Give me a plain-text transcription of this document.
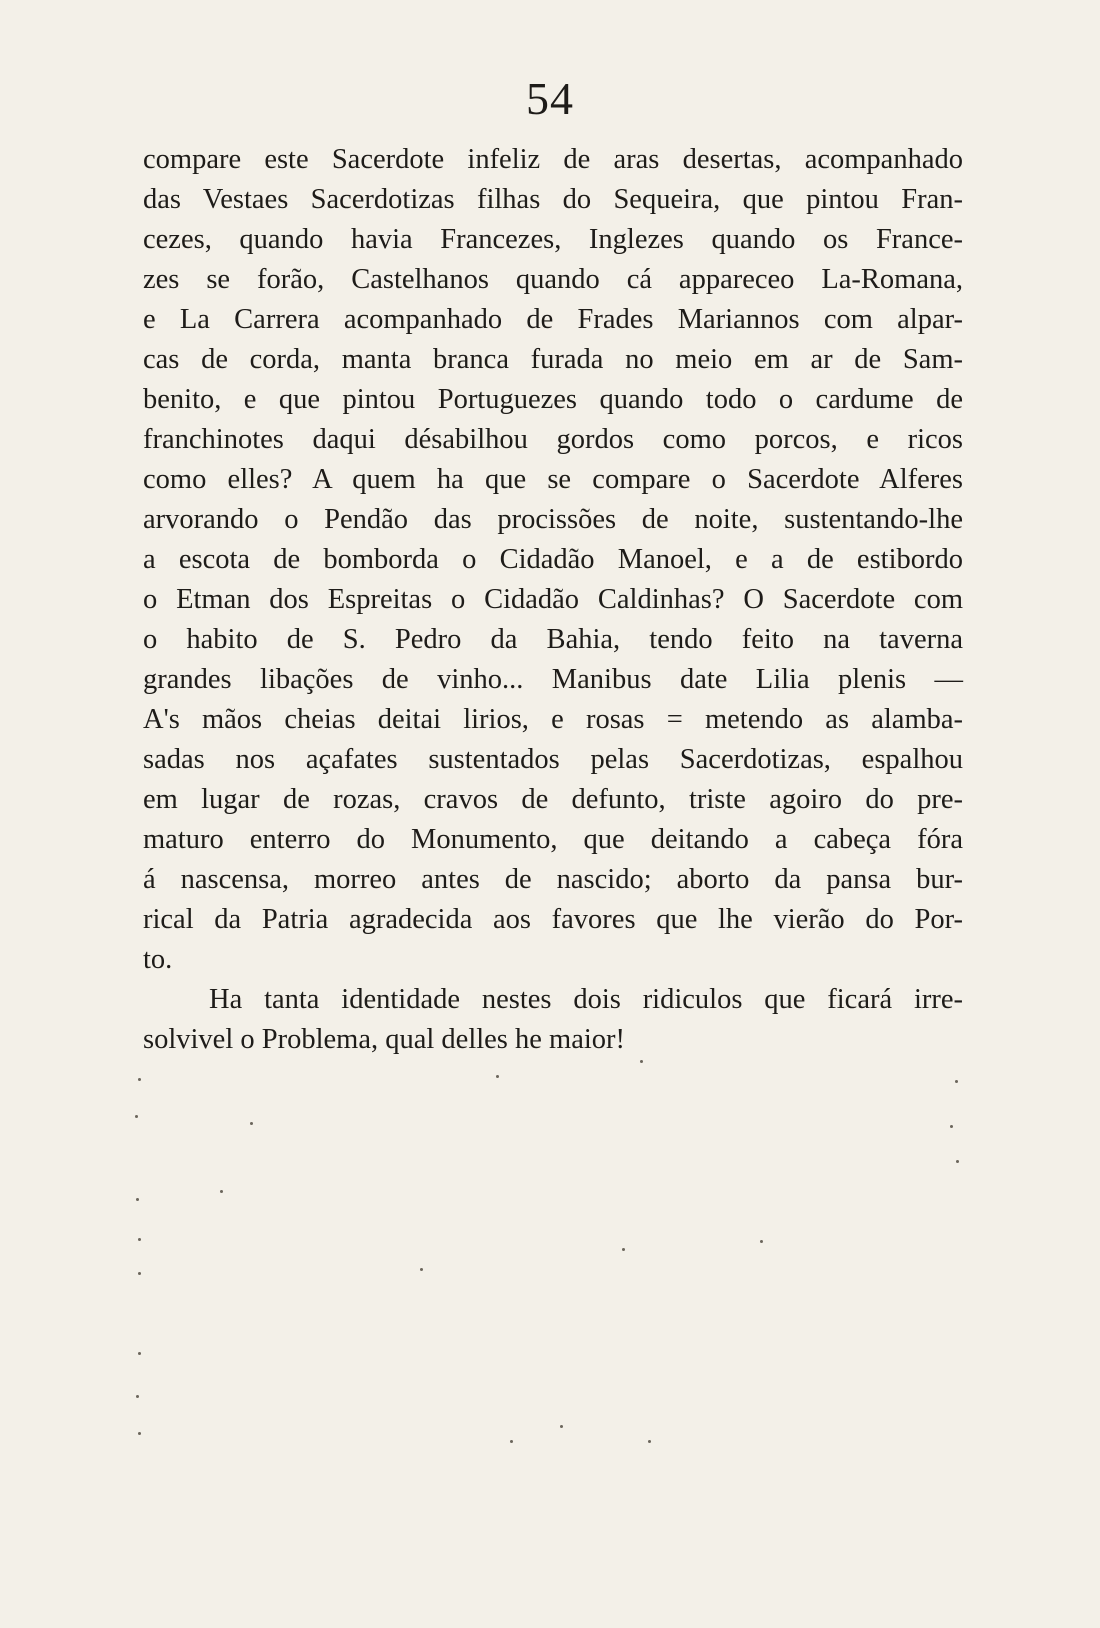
54
compare este Sacerdote infeliz de aras desertas, acompanhado
das Vestaes Sacerdotizas filhas do Sequeira, que pintou Fran-
cezes, quando havia Francezes, Inglezes quando os France-
zes se forão, Castelhanos quando cá appareceo La-Romana,
e La Carrera acompanhado de Frades Mariannos com alpar-
cas de corda, manta branca furada no meio em ar de Sam-
benito, e que pintou Portuguezes quando todo o cardume de
franchinotes daqui désabilhou gordos como porcos, e ricos
como elles? A quem ha que se compare o Sacerdote Alferes
arvorando o Pendão das procissões de noite, sustentando-lhe
a escota de bomborda o Cidadão Manoel, e a de estibordo
o Etman dos Espreitas o Cidadão Caldinhas? O Sacerdote com
o habito de S. Pedro da Bahia, tendo feito na taverna
grandes libações de vinho... Manibus date Lilia plenis —
A's mãos cheias deitai lirios, e rosas = metendo as alamba-
sadas nos açafates sustentados pelas Sacerdotizas, espalhou
em lugar de rozas, cravos de defunto, triste agoiro do pre-
maturo enterro do Monumento, que deitando a cabeça fóra
á nascensa, morreo antes de nascido; aborto da pansa bur-
rical da Patria agradecida aos favores que lhe vierão do Por-
to.
Ha tanta identidade nestes dois ridiculos que ficará irre-
solvivel o Problema, qual delles he maior!
